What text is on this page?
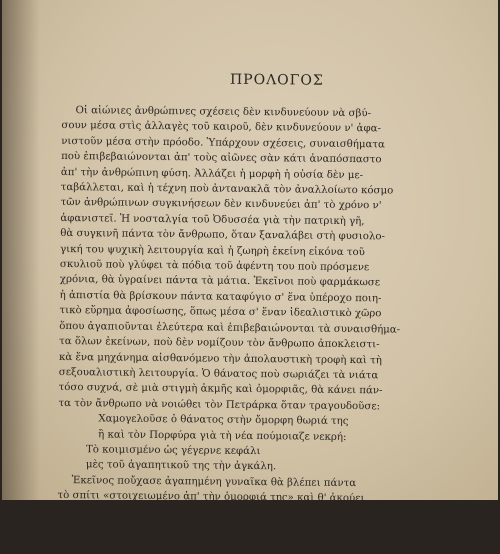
ΠΡΟΛΟΓΟΣ
Οἱ αἰώνιες ἀνθρώπινες σχέσεις δὲν κινδυνεύουν νὰ σβύ-
σουν μέσα στὶς ἀλλαγὲς τοῦ καιροῦ, δὲν κινδυνεύουν ν' ἀφα-
νιστοῦν μέσα στὴν πρόοδο. Ὑπάρχουν σχέσεις, συναισθήματα
ποὺ ἐπιβεβαιώνονται ἀπ' τοὺς αἰῶνες σὰν κάτι ἀναπόσπαστο
ἀπ' τὴν ἀνθρώπινη φύση. Ἀλλάζει ἡ μορφὴ ἡ οὐσία δὲν με-
ταβάλλεται, καὶ ἡ τέχνη ποὺ ἀντανακλᾶ τὸν ἀναλλοίωτο κόσμο
τῶν ἀνθρώπινων συγκινήσεων δὲν κινδυνεύει ἀπ' τὸ χρόνο ν'
ἀφανιστεῖ. Ἡ νοσταλγία τοῦ Ὀδυσσέα γιὰ τὴν πατρικὴ γῆ,
θὰ συγκινῆ πάντα τὸν ἄνθρωπο, ὅταν ξαναλάβει στὴ φυσιολο-
γική του ψυχικὴ λειτουργία καὶ ἡ ζωηρὴ ἐκείνη εἰκόνα τοῦ
σκυλιοῦ ποὺ γλύφει τὰ πόδια τοῦ ἀφέντη του ποὺ πρόσμενε
χρόνια, θὰ ὑγραίνει πάντα τὰ μάτια. Ἐκεῖνοι ποὺ φαρμάκωσε
ἡ ἀπιστία θὰ βρίσκουν πάντα καταφύγιο σ' ἕνα ὑπέροχο ποιη-
τικὸ εὕρημα ἀφοσίωσης, ὅπως μέσα σ' ἕναν ἰδεαλιστικὸ χῶρο
ὅπου ἀγαπιοῦνται ἐλεύτερα καὶ ἐπιβεβαιώνονται τὰ συναισθήμα-
τα ὅλων ἐκείνων, ποὺ δὲν νομίζουν τὸν ἄνθρωπο ἀποκλειστι-
κὰ ἕνα μηχάνημα αἰσθανόμενο τὴν ἀπολαυστικὴ τροφὴ καὶ τὴ
σεξουαλιστικὴ λειτουργία. Ὁ θάνατος ποὺ σωριάζει τὰ νιάτα
τόσο συχνά, σὲ μιὰ στιγμὴ ἀκμῆς καὶ ὀμορφιᾶς, θὰ κάνει πάν-
τα τὸν ἄνθρωπο νὰ νοιώθει τὸν Πετράρκα ὅταν τραγουδοῦσε:
Χαμογελοῦσε ὁ θάνατος στὴν ὄμορφη θωριά της
ἢ καὶ τὸν Πορφύρα γιὰ τὴ νέα πούμοιαζε νεκρή:
Τὸ κοιμισμένο ὡς γέγερνε κεφάλι
μὲς τοῦ ἀγαπητικοῦ της τὴν ἀγκάλη.
Ἐκεῖνος ποὔχασε ἀγαπημένη γυναῖκα θὰ βλέπει πάντα
τὸ σπίτι «στοιχειωμένο ἀπ' τὴν ὀμορφιά της» καὶ θ' ἀκούει
τὰ δάκρυα τῶν πραγμάτων «ποὺ ἀγάπησε τὰ χέρια της».
Οἱ προηγούμενες γραμμὲς προσφιζόντουσαν γιὰ μιὰ σει-
ρὰ σημειωμάτων γύρω ἀπ' τὴν ποίηση. Μὰ καθὼς ἡ θύμησή
